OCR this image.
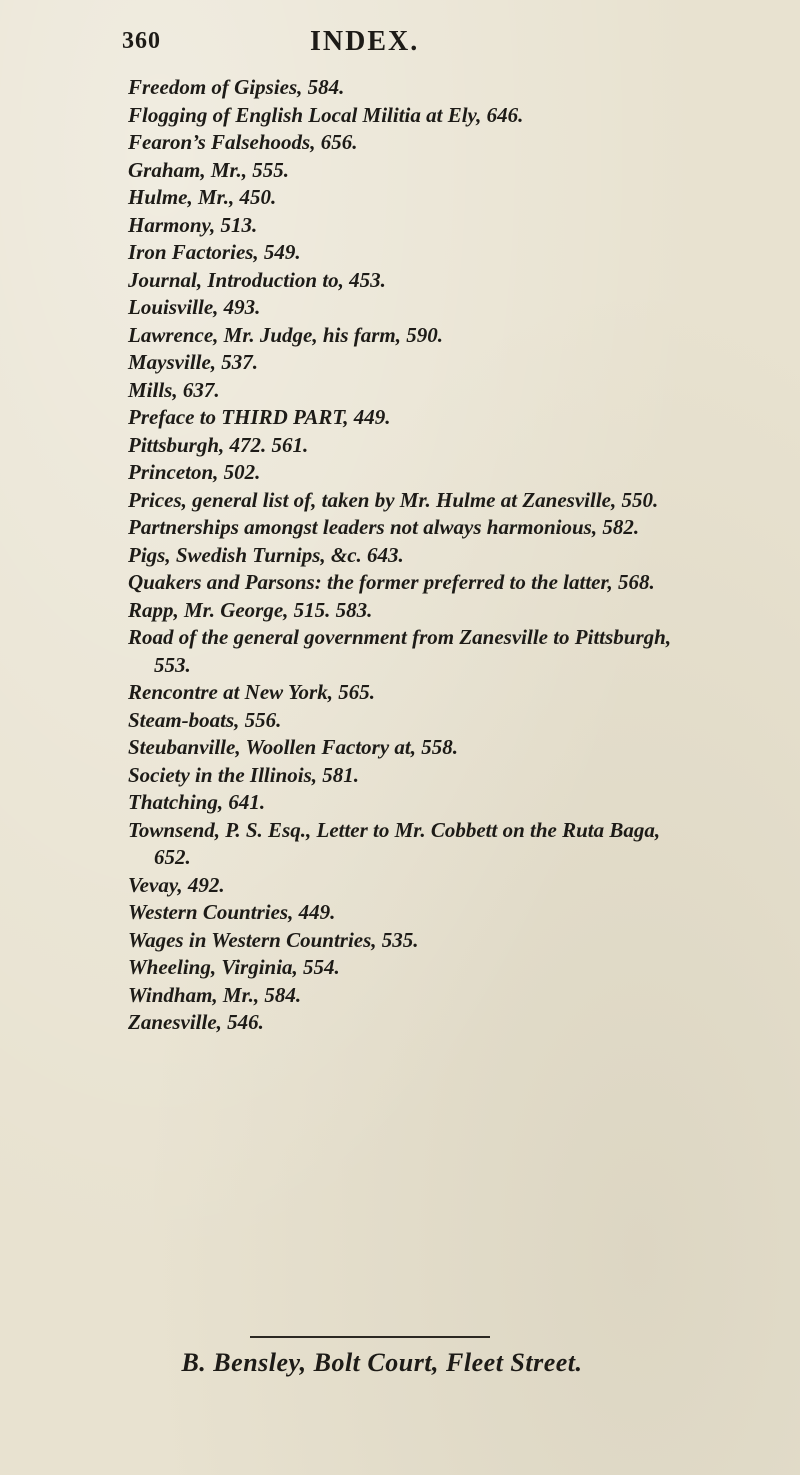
360	INDEX.
Freedom of Gipsies, 584.
Flogging of English Local Militia at Ely, 646.
Fearon’s Falsehoods, 656.
Graham, Mr., 555.
Hulme, Mr., 450.
Harmony, 513.
Iron Factories, 549.
Journal, Introduction to, 453.
Louisville, 493.
Lawrence, Mr. Judge, his farm, 590.
Maysville, 537.
Mills, 637.
Preface to THIRD PART, 449.
Pittsburgh, 472. 561.
Princeton, 502.
Prices, general list of, taken by Mr. Hulme at Zanesville, 550.
Partnerships amongst leaders not always harmonious, 582.
Pigs, Swedish Turnips, &c. 643.
Quakers and Parsons: the former preferred to the latter, 568.
Rapp, Mr. George, 515. 583.
Road of the general government from Zanesville to Pittsburgh,
553.
Rencontre at New York, 565.
Steam-boats, 556.
Steubanville, Woollen Factory at, 558.
Society in the Illinois, 581.
Thatching, 641.
Townsend, P. S. Esq., Letter to Mr. Cobbett on the Ruta Baga,
652.
Vevay, 492.
Western Countries, 449.
Wages in Western Countries, 535.
Wheeling, Virginia, 554.
Windham, Mr., 584.
Zanesville, 546.
B. Bensley, Bolt Court, Fleet Street.
